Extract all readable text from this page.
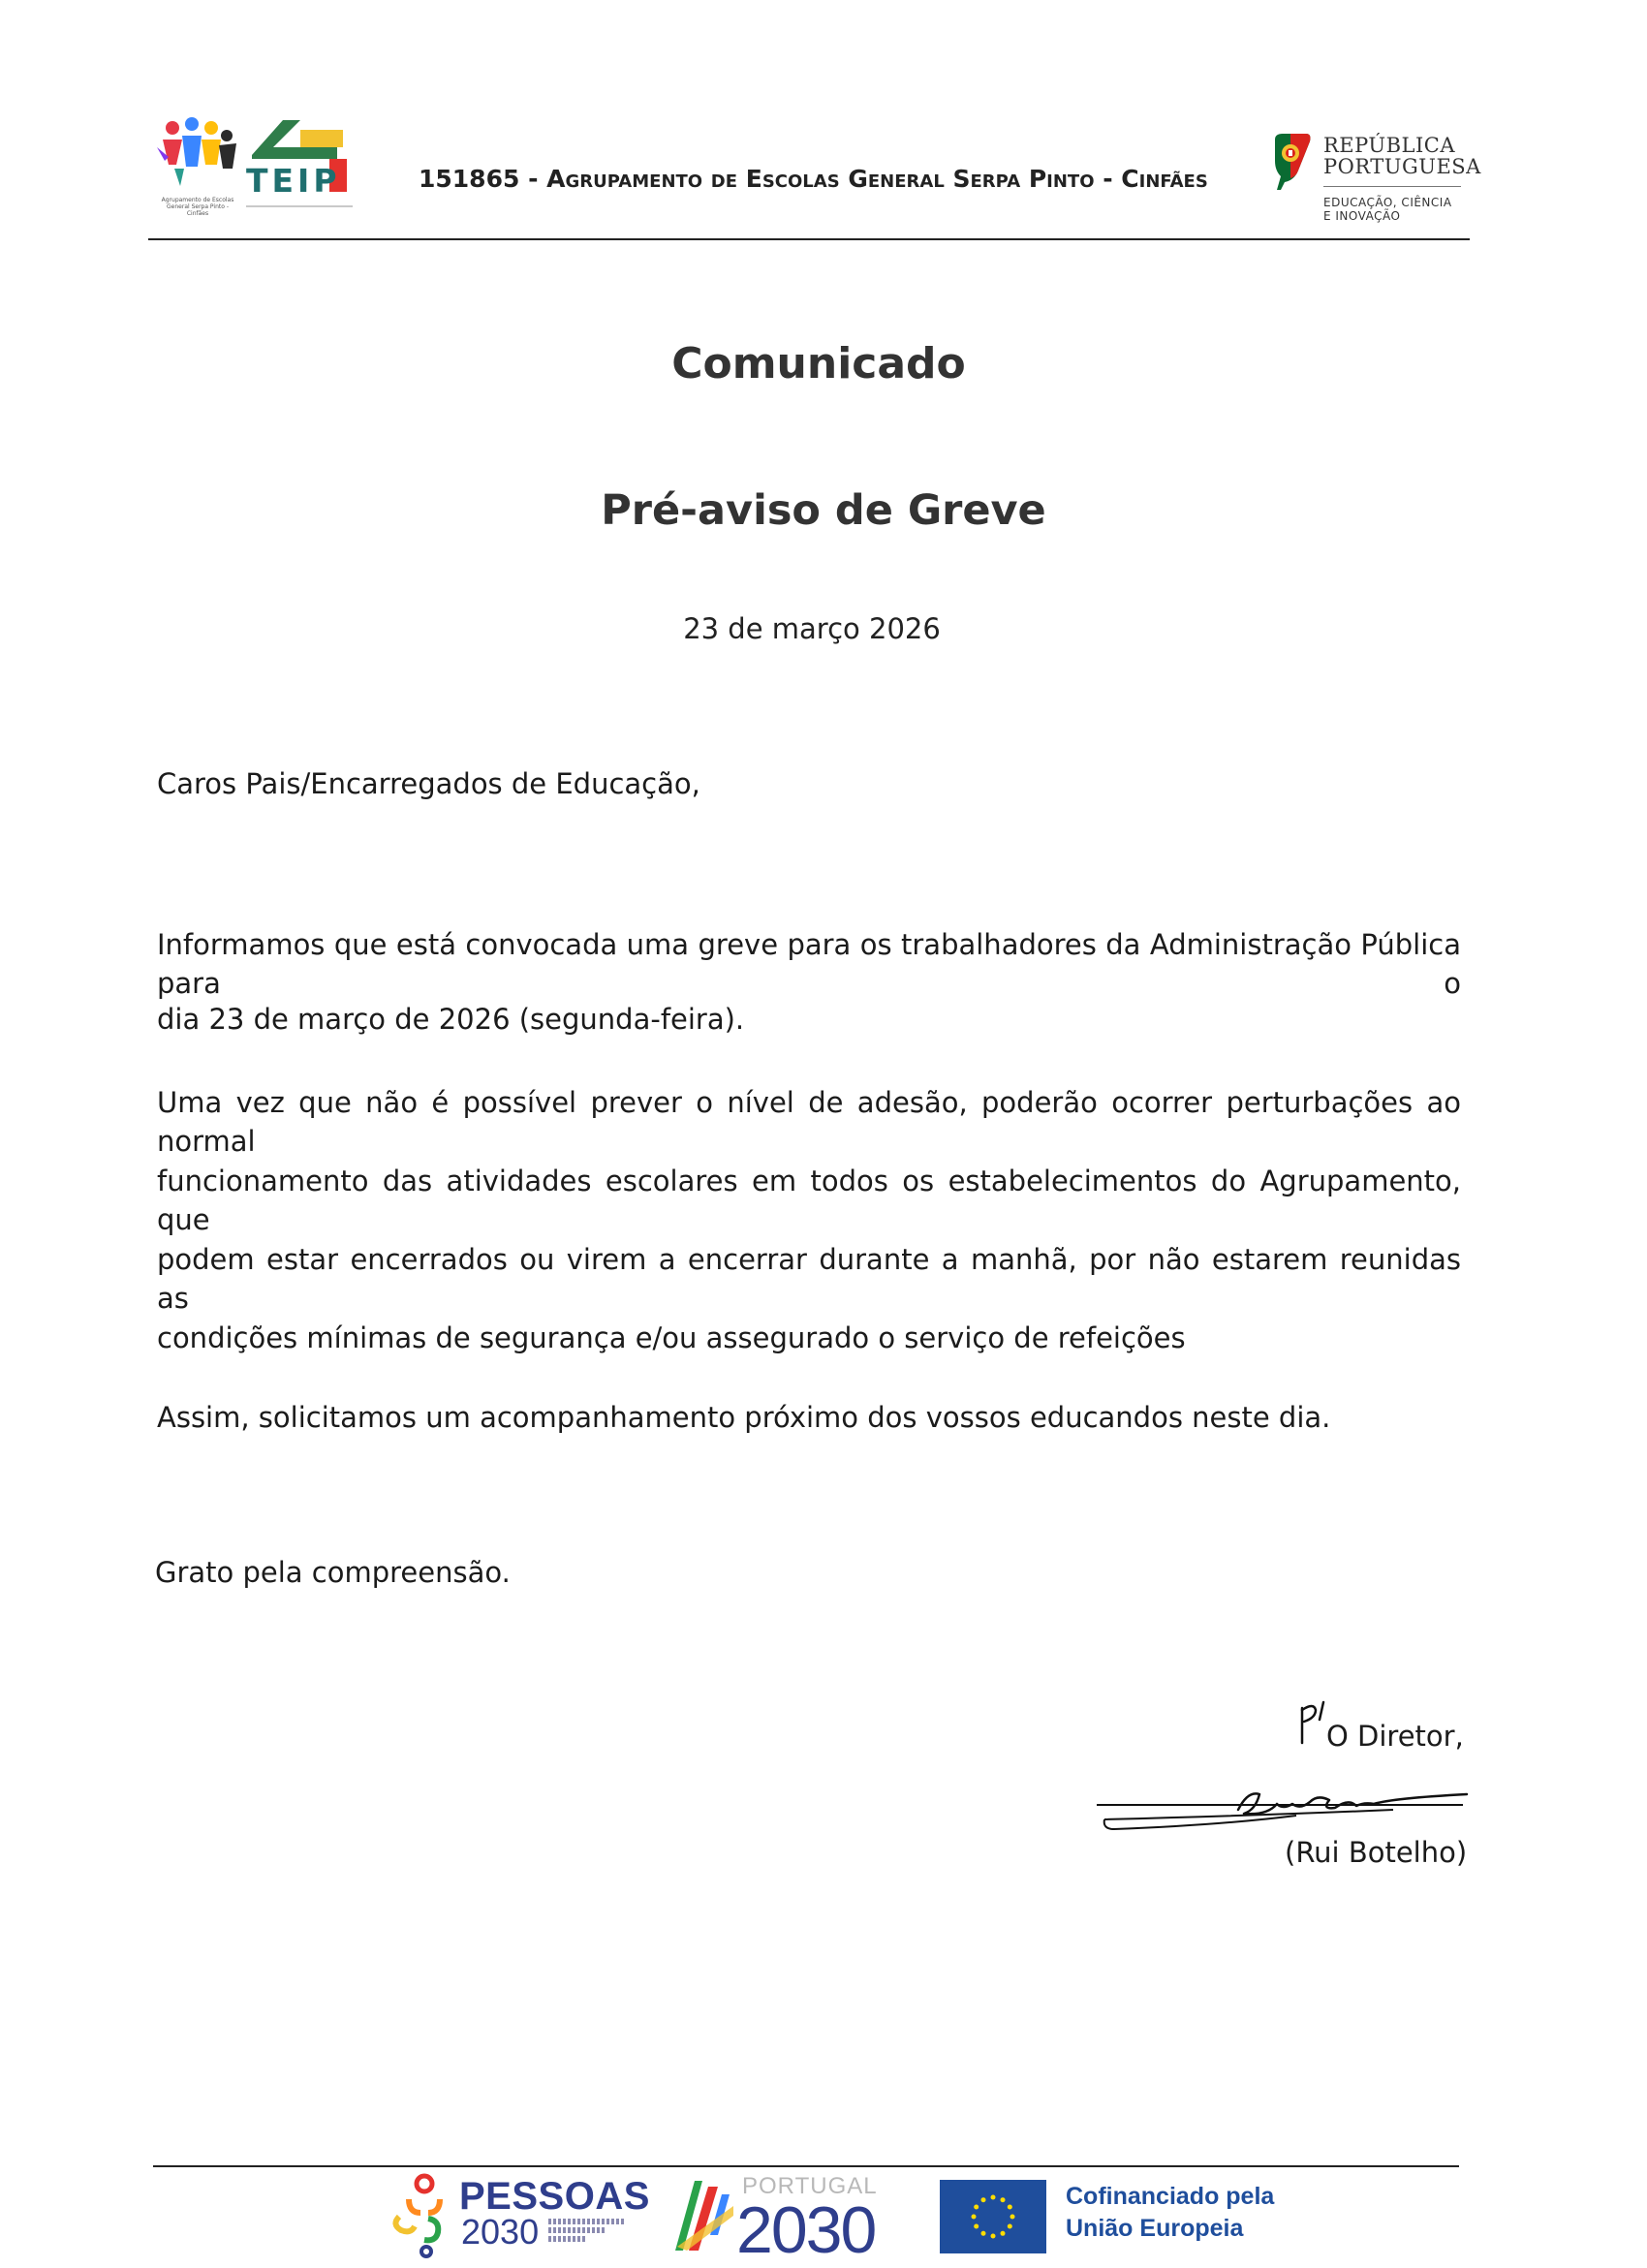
Agrupamento de Escolas General Serpa Pinto - Cinfães
TEIP	151865 - Agrupamento de Escolas General Serpa Pinto - Cinfães
REPÚBLICA
PORTUGUESA
EDUCAÇÃO, CIÊNCIA
E INOVAÇÃO
Comunicado
Pré-aviso de Greve
23 de março 2026
Caros Pais/Encarregados de Educação,
Informamos que está convocada uma greve para os trabalhadores da Administração Pública para o
dia 23 de março de 2026 (segunda-feira).
Uma vez que não é possível prever o nível de adesão, poderão ocorrer perturbações ao normal
funcionamento das atividades escolares em todos os estabelecimentos do Agrupamento, que
podem estar encerrados ou virem a encerrar durante a manhã, por não estarem reunidas as
condições mínimas de segurança e/ou assegurado o serviço de refeições
Assim, solicitamos um acompanhamento próximo dos vossos educandos neste dia.
Grato pela compreensão.
O Diretor,
(Rui Botelho)
PESSOAS
2030
PORTUGAL
2030	Cofinanciado pela
União Europeia
